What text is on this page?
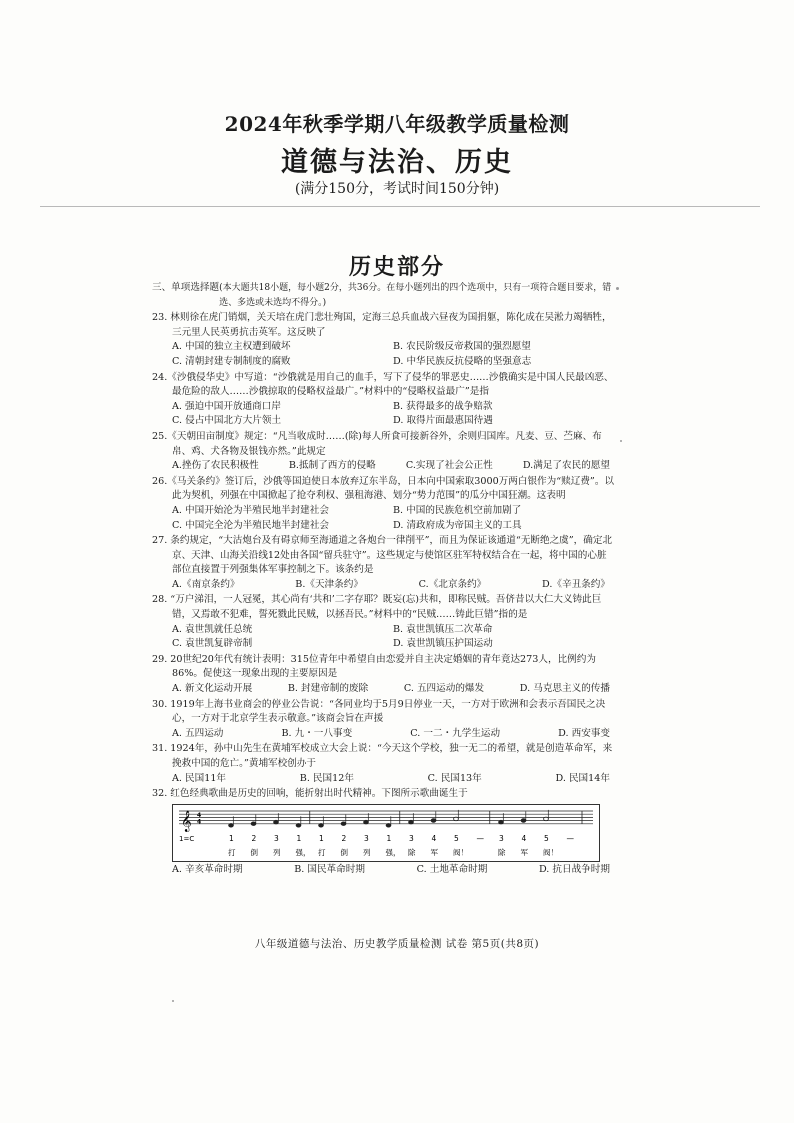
2024年秋季学期八年级教学质量检测
道德与法治、历史
(满分150分，考试时间150分钟)
历史部分
三、单项选择题 (本大题共18小题，每小题2分，共36分。在每小题列出的四个选项中，只有一项符合题目要求，错选、多选或未选均不得分。)
23. 林则徐在虎门销烟，关天培在虎门悲壮殉国，定海三总兵血战六昼夜为国捐躯，陈化成在吴淞力竭牺牲，三元里人民英勇抗击英军。这反映了
A. 中国的独立主权遭到破坏	B. 农民阶级反帝救国的强烈愿望
C. 清朝封建专制制度的腐败	D. 中华民族反抗侵略的坚强意志
24.《沙俄侵华史》中写道：“沙俄就是用自己的血手，写下了侵华的罪恶史……沙俄确实是中国人民最凶恶、最危险的敌人……沙俄掠取的侵略权益最广。”材料中的“侵略权益最广”是指
A. 强迫中国开放通商口岸	B. 获得最多的战争赔款
C. 侵占中国北方大片领土	D. 取得片面最惠国待遇
25.《天朝田亩制度》规定：“凡当收成时……(除)每人所食可接新谷外，余则归国库。凡麦、豆、苎麻、布帛、鸡、犬各物及银钱亦然。”此规定
A.挫伤了农民积极性	B.抵制了西方的侵略	C.实现了社会公正性	D.满足了农民的愿望
26.《马关条约》签订后，沙俄等国迫使日本放弃辽东半岛，日本向中国索取3000万两白银作为“赎辽费”。以此为契机，列强在中国掀起了抢夺利权、强租海港、划分“势力范围”的瓜分中国狂潮。这表明
A. 中国开始沦为半殖民地半封建社会	B. 中国的民族危机空前加剧了
C. 中国完全沦为半殖民地半封建社会	D. 清政府成为帝国主义的工具
27. 条约规定，“大沽炮台及有碍京师至海通道之各炮台一律削平”，而且为保证该通道“无断绝之虞”，确定北京、天津、山海关沿线12处由各国“留兵驻守”。这些规定与使馆区驻军特权结合在一起，将中国的心脏部位直接置于列强集体军事控制之下。该条约是
A.《南京条约》	B.《天津条约》	C.《北京条约》	D.《辛丑条约》
28. “万户涕泪，一人冠冕，其心尚有‘共和’二字存耶？既妄(忘)共和，即称民贼。吾侪昔以大仁大义铸此巨错，又焉敢不犯难，誓死戮此民贼，以拯吾民。”材料中的“民贼……铸此巨错”指的是
A. 袁世凯就任总统	B. 袁世凯镇压二次革命
C. 袁世凯复辟帝制	D. 袁世凯镇压护国运动
29. 20世纪20年代有统计表明：315位青年中希望自由恋爱并自主决定婚姻的青年竟达273人，比例约为86%。促使这一现象出现的主要原因是
A. 新文化运动开展	B. 封建帝制的废除	C. 五四运动的爆发	D. 马克思主义的传播
30. 1919年上海书业商会的停业公告说：“各同业均于5月9日停业一天，一方对于欧洲和会表示吾国民之决心，一方对于北京学生表示敬意。”该商会旨在声援
A. 五四运动	B. 九・一八事变	C. 一二・九学生运动	D. 西安事变
31. 1924年，孙中山先生在黄埔军校成立大会上说：“今天这个学校，独一无二的希望，就是创造革命军，来挽救中国的危亡。”黄埔军校创办于
A. 民国11年	B. 民国12年	C. 民国13年	D. 民国14年
32. 红色经典歌曲是历史的回响，能折射出时代精神。下图所示歌曲诞生于
𝄞 4
4
1 2 3 1 1 2 3 1 3 4 5 — 3 4 5 —
1=C
打 倒 列 强， 打 倒 列 强， 除 军 阀！	除 军 阀！
A. 辛亥革命时期	B. 国民革命时期	C. 土地革命时期	D. 抗日战争时期
八年级道德与法治、历史教学质量检测 试卷 第5页(共8页)
